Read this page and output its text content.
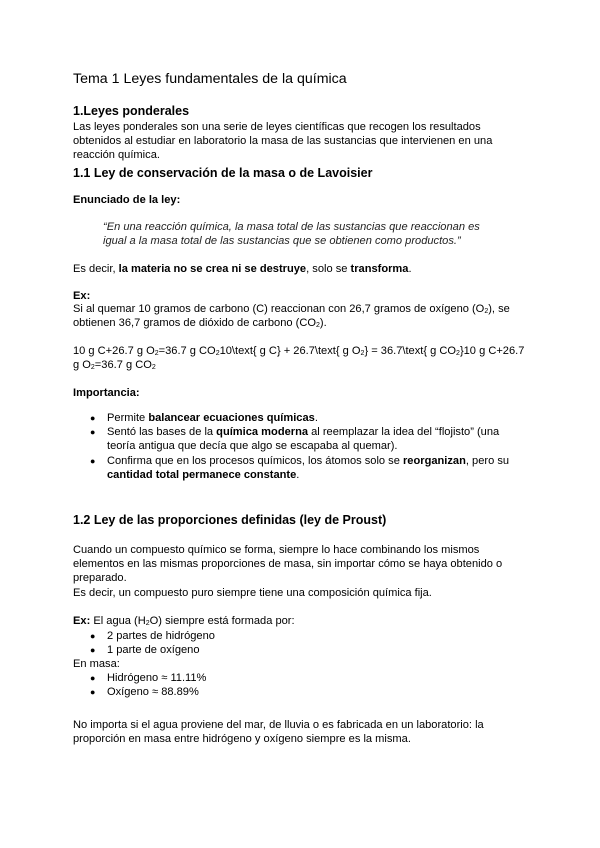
Tema 1 Leyes fundamentales de la química
1.Leyes ponderales
Las leyes ponderales son una serie de leyes científicas que recogen los resultados
obtenidos al estudiar en laboratorio la masa de las sustancias que intervienen en una
reacción química.
1.1 Ley de conservación de la masa o de Lavoisier
Enunciado de la ley:
“En una reacción química, la masa total de las sustancias que reaccionan es
igual a la masa total de las sustancias que se obtienen como productos.”
Es decir, la materia no se crea ni se destruye, solo se transforma.
Ex:
Si al quemar 10 gramos de carbono (C) reaccionan con 26,7 gramos de oxígeno $(O_2)$, se
obtienen 36,7 gramos de dióxido de carbono $(CO_2)$.
10 g C+26.7 g $O_2=36.7$ g $CO_210\backslash text${ g C} + 26.7\text{ g $O_2$} = 36.7\text{ g $CO_2\}10$ g C+26.7
g $O_2=36.7$ g $CO_2$
Importancia:
● Permite balancear ecuaciones químicas.
● Sentó las bases de la química moderna al reemplazar la idea del “flojisto” (una
teoría antigua que decía que algo se escapaba al quemar).
● Confirma que en los procesos químicos, los átomos solo se reorganizan, pero su
cantidad total permanece constante.
1.2 Ley de las proporciones definidas (ley de Proust)
Cuando un compuesto químico se forma, siempre lo hace combinando los mismos
elementos en las mismas proporciones de masa, sin importar cómo se haya obtenido o
preparado.
Es decir, un compuesto puro siempre tiene una composición química fija.
Ex: El agua $(H_2O)$ siempre está formada por:
● 2 partes de hidrógeno
● 1 parte de oxígeno
En masa:
● Hidrógeno ≈ 11.11%
● Oxígeno ≈ 88.89%
No importa si el agua proviene del mar, de lluvia o es fabricada en un laboratorio: la
proporción en masa entre hidrógeno y oxígeno siempre es la misma.
